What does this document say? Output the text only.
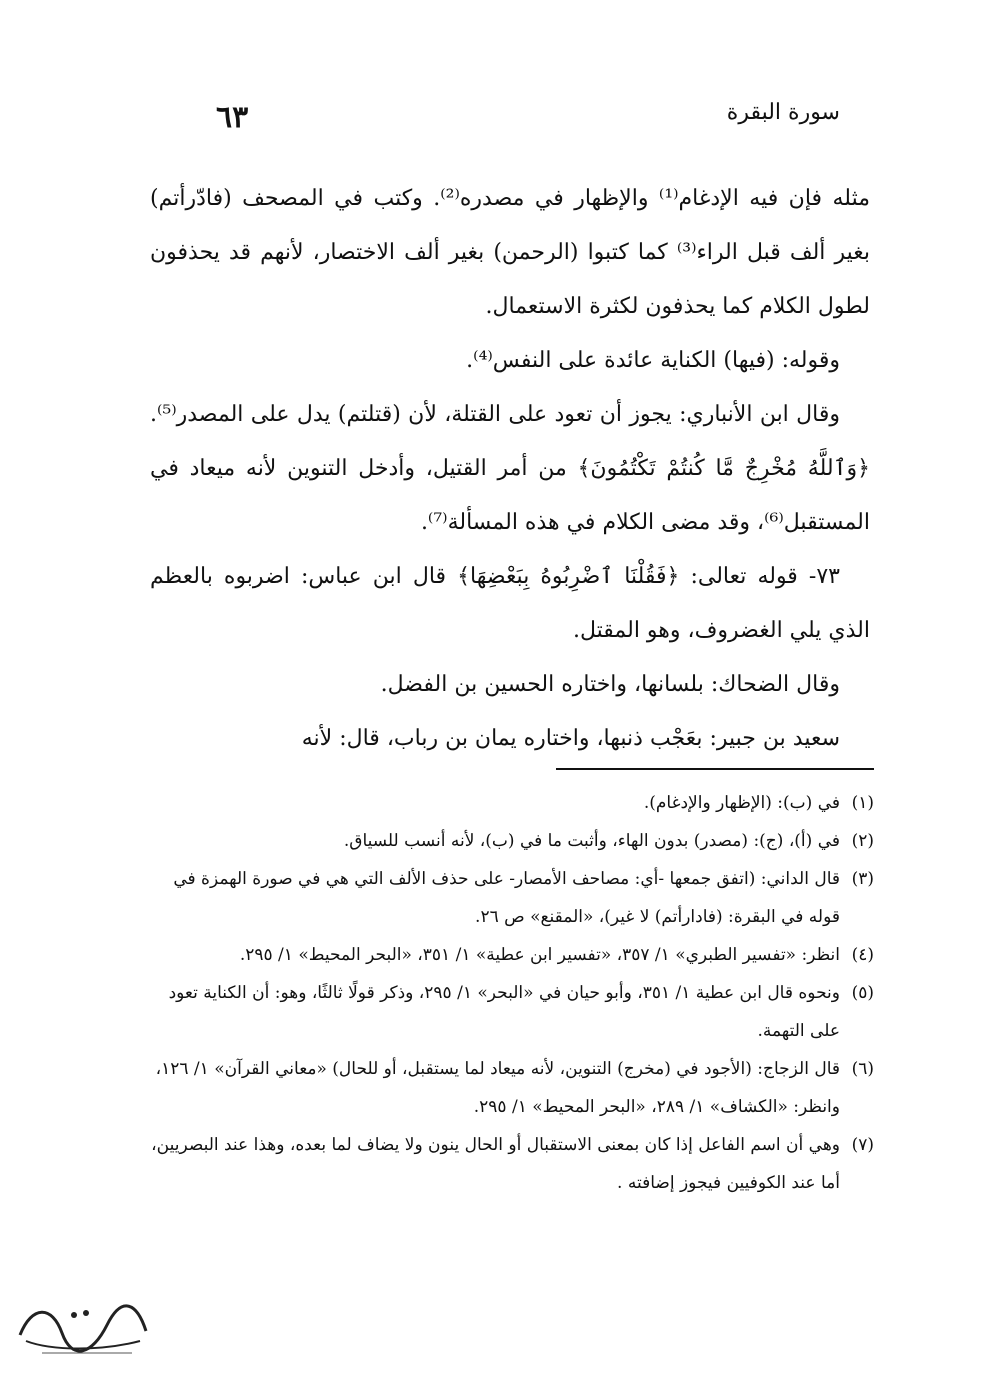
سورة البقرة
٦٣

مثله فإن فيه الإدغام⁽¹⁾ والإظهار في مصدره⁽²⁾. وكتب في المصحف (فادّرأتم) بغير ألف قبل الراء⁽³⁾ كما كتبوا (الرحمن) بغير ألف الاختصار، لأنهم قد يحذفون لطول الكلام كما يحذفون لكثرة الاستعمال.

وقوله: (فيها) الكناية عائدة على النفس⁽⁴⁾.

وقال ابن الأنباري: يجوز أن تعود على القتلة، لأن (قتلتم) يدل على المصدر⁽⁵⁾. ﴿وَٱللَّهُ مُخْرِجٌ مَّا كُنتُمْ تَكْتُمُونَ﴾ من أمر القتيل، وأدخل التنوين لأنه ميعاد في المستقبل⁽⁶⁾، وقد مضى الكلام في هذه المسألة⁽⁷⁾.

٧٣- قوله تعالى: ﴿فَقُلْنَا ٱضْرِبُوهُ بِبَعْضِهَا﴾ قال ابن عباس: اضربوه بالعظم الذي يلي الغضروف، وهو المقتل.

وقال الضحاك: بلسانها، واختاره الحسين بن الفضل.

سعيد بن جبير: بعَجْب ذنبها، واختاره يمان بن رباب، قال: لأنه

(١)
في (ب): (الإظهار والإدغام).
(٢)
في (أ)، (ج): (مصدر) بدون الهاء، وأثبت ما في (ب)، لأنه أنسب للسياق.
(٣)
قال الداني: (اتفق جمعها -أي: مصاحف الأمصار- على حذف الألف التي هي في صورة الهمزة في قوله في البقرة: (فادارأتم) لا غير)، «المقنع» ص ٢٦.
(٤)
انظر: «تفسير الطبري» ١/ ٣٥٧، «تفسير ابن عطية» ١/ ٣٥١، «البحر المحيط» ١/ ٢٩٥.
(٥)
ونحوه قال ابن عطية ١/ ٣٥١، وأبو حيان في «البحر» ١/ ٢٩٥، وذكر قولًا ثالثًا، وهو: أن الكناية تعود على التهمة.
(٦)
قال الزجاج: (الأجود في (مخرج) التنوين، لأنه ميعاد لما يستقبل، أو للحال) «معاني القرآن» ١/ ١٢٦، وانظر: «الكشاف» ١/ ٢٨٩، «البحر المحيط» ١/ ٢٩٥.
(٧)
وهي أن اسم الفاعل إذا كان بمعنى الاستقبال أو الحال ينون ولا يضاف لما بعده، وهذا عند البصريين، أما عند الكوفيين فيجوز إضافته .
